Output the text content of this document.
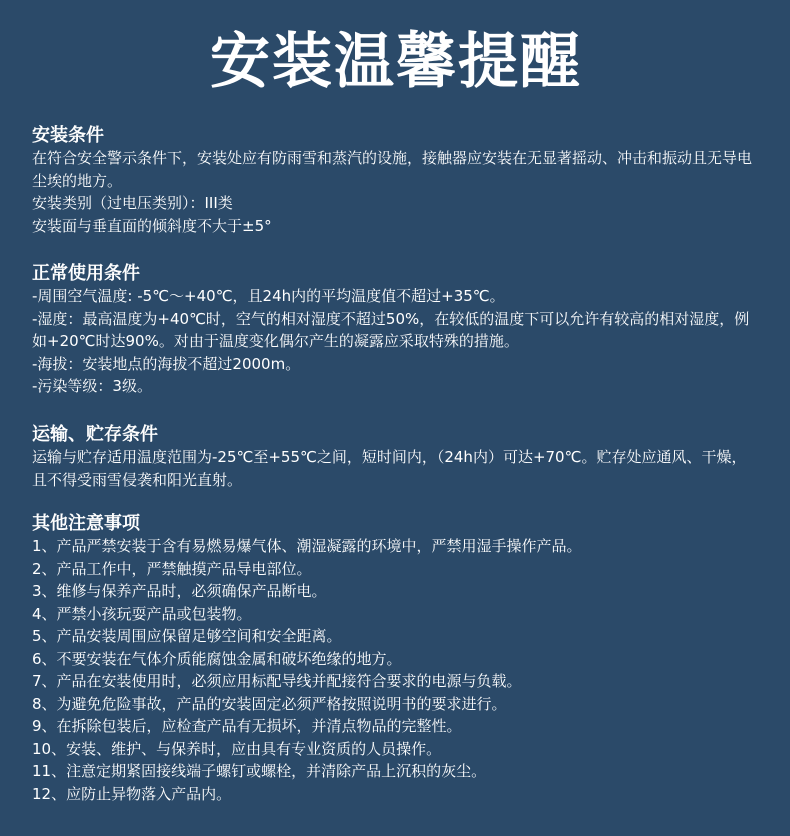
安装温馨提醒
安装条件

在符合安全警示条件下，安装处应有防雨雪和蒸汽的设施，接触器应安装在无显著摇动、冲击和振动且无导电尘埃的地方。

安装类别（过电压类别）：III类

安装面与垂直面的倾斜度不大于±5°

正常使用条件

-周围空气温度: -5℃～+40℃，且24h内的平均温度值不超过+35℃。

-湿度：最高温度为+40℃时，空气的相对湿度不超过50%，在较低的温度下可以允许有较高的相对湿度，例如+20℃时达90%。对由于温度变化偶尔产生的凝露应采取特殊的措施。

-海拔：安装地点的海拔不超过2000m。

-污染等级：3级。

运输、贮存条件

运输与贮存适用温度范围为-25℃至+55℃之间，短时间内，（24h内）可达+70℃。贮存处应通风、干燥，且不得受雨雪侵袭和阳光直射。

其他注意事项

1、产品严禁安装于含有易燃易爆气体、潮湿凝露的环境中，严禁用湿手操作产品。

2、产品工作中，严禁触摸产品导电部位。

3、维修与保养产品时，必须确保产品断电。

4、严禁小孩玩耍产品或包装物。

5、产品安装周围应保留足够空间和安全距离。

6、不要安装在气体介质能腐蚀金属和破坏绝缘的地方。

7、产品在安装使用时，必须应用标配导线并配接符合要求的电源与负载。

8、为避免危险事故，产品的安装固定必须严格按照说明书的要求进行。

9、在拆除包装后，应检查产品有无损坏，并清点物品的完整性。

10、安装、维护、与保养时，应由具有专业资质的人员操作。

11、注意定期紧固接线端子螺钉或螺栓，并清除产品上沉积的灰尘。

12、应防止异物落入产品内。
